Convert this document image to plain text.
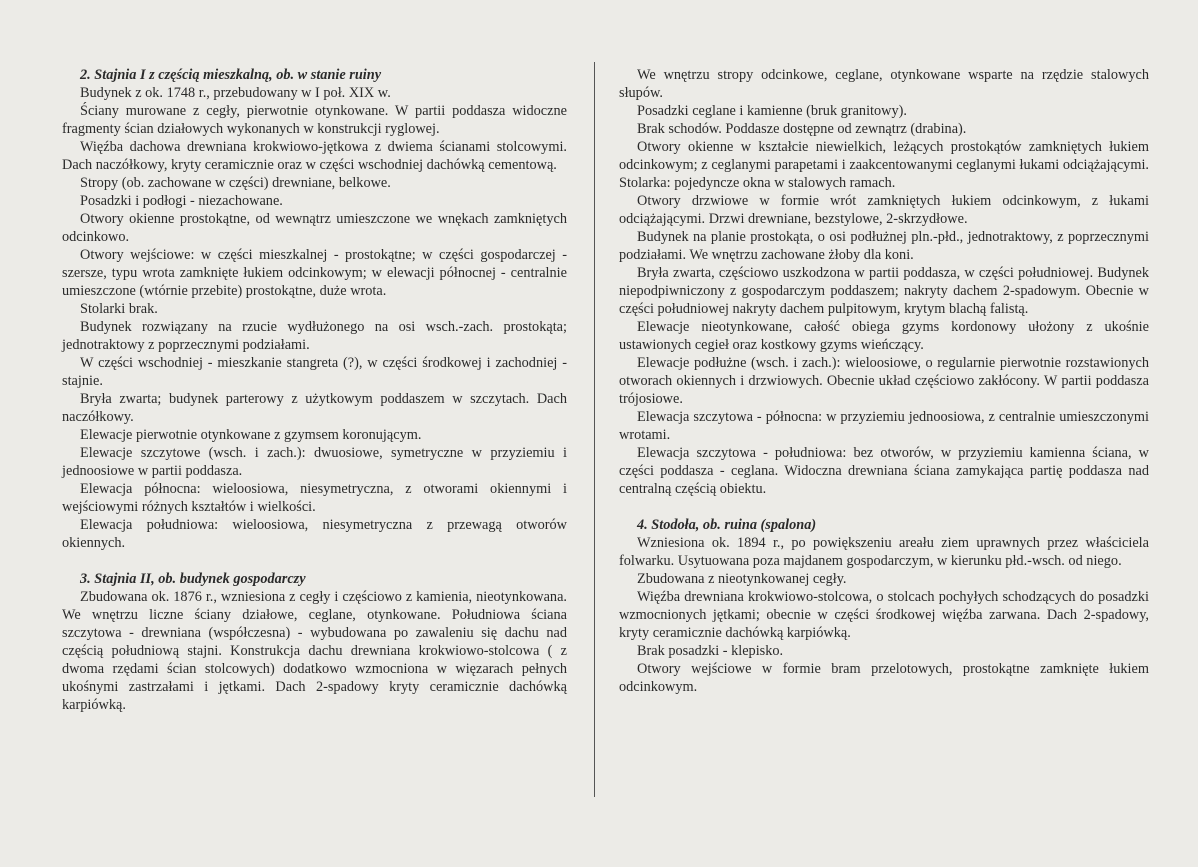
2. Stajnia I z częścią mieszkalną, ob. w stanie ruiny

Budynek z ok. 1748 r., przebudowany w I poł. XIX w.

Ściany murowane z cegły, pierwotnie otynkowane. W partii poddasza widoczne fragmenty ścian działowych wykonanych w konstrukcji ryglowej.

Więźba dachowa drewniana krokwiowo-jętkowa z dwiema ścianami stolcowymi. Dach naczółkowy, kryty ceramicznie oraz w części wschodniej dachówką cementową.

Stropy (ob. zachowane w części) drewniane, belkowe.

Posadzki i podłogi - niezachowane.

Otwory okienne prostokątne, od wewnątrz umieszczone we wnękach zamkniętych odcinkowo.

Otwory wejściowe: w części mieszkalnej - prostokątne; w części gospodarczej - szersze, typu wrota zamknięte łukiem odcinkowym; w elewacji północnej - centralnie umieszczone (wtórnie przebite) prostokątne, duże wrota.

Stolarki brak.

Budynek rozwiązany na rzucie wydłużonego na osi wsch.-zach. prostokąta; jednotraktowy z poprzecznymi podziałami.

W części wschodniej - mieszkanie stangreta (?), w części środkowej i zachodniej - stajnie.

Bryła zwarta; budynek parterowy z użytkowym poddaszem w szczytach. Dach naczółkowy.

Elewacje pierwotnie otynkowane z gzymsem koronującym.

Elewacje szczytowe (wsch. i zach.): dwuosiowe, symetryczne w przyziemiu i jednoosiowe w partii poddasza.

Elewacja północna: wieloosiowa, niesymetryczna, z otworami okiennymi i wejściowymi różnych kształtów i wielkości.

Elewacja południowa: wieloosiowa, niesymetryczna z przewagą otworów okiennych.

3. Stajnia II, ob. budynek gospodarczy

Zbudowana ok. 1876 r., wzniesiona z cegły i częściowo z kamienia, nieotynkowana. We wnętrzu liczne ściany działowe, ceglane, otynkowane. Południowa ściana szczytowa - drewniana (współczesna) - wybudowana po zawaleniu się dachu nad częścią południową stajni. Konstrukcja dachu drewniana krokwiowo-stolcowa ( z dwoma rzędami ścian stolcowych) dodatkowo wzmocniona w więzarach pełnych ukośnymi zastrzałami i jętkami. Dach 2-spadowy kryty ceramicznie dachówką karpiówką.

We wnętrzu stropy odcinkowe, ceglane, otynkowane wsparte na rzędzie stalowych słupów.

Posadzki ceglane i kamienne (bruk granitowy).

Brak schodów. Poddasze dostępne od zewnątrz (drabina).

Otwory okienne w kształcie niewielkich, leżących prostokątów zamkniętych łukiem odcinkowym; z ceglanymi parapetami i zaakcentowanymi ceglanymi łukami odciążającymi. Stolarka: pojedyncze okna w stalowych ramach.

Otwory drzwiowe w formie wrót zamkniętych łukiem odcinkowym, z łukami odciążającymi. Drzwi drewniane, bezstylowe, 2-skrzydłowe.

Budynek na planie prostokąta, o osi podłużnej pln.-płd., jednotraktowy, z poprzecznymi podziałami. We wnętrzu zachowane żłoby dla koni.

Bryła zwarta, częściowo uszkodzona w partii poddasza, w części południowej. Budynek niepodpiwniczony z gospodarczym poddaszem; nakryty dachem 2-spadowym. Obecnie w części południowej nakryty dachem pulpitowym, krytym blachą falistą.

Elewacje nieotynkowane, całość obiega gzyms kordonowy ułożony z ukośnie ustawionych cegieł oraz kostkowy gzyms wieńczący.

Elewacje podłużne (wsch. i zach.): wieloosiowe, o regularnie pierwotnie rozstawionych otworach okiennych i drzwiowych. Obecnie układ częściowo zakłócony. W partii poddasza trójosiowe.

Elewacja szczytowa - północna: w przyziemiu jednoosiowa, z centralnie umieszczonymi wrotami.

Elewacja szczytowa - południowa: bez otworów, w przyziemiu kamienna ściana, w części poddasza - ceglana. Widoczna drewniana ściana zamykająca partię poddasza nad centralną częścią obiektu.

4. Stodoła, ob. ruina (spalona)

Wzniesiona ok. 1894 r., po powiększeniu areału ziem uprawnych przez właściciela folwarku. Usytuowana poza majdanem gospodarczym, w kierunku płd.-wsch. od niego.

Zbudowana z nieotynkowanej cegły.

Więźba drewniana krokwiowo-stolcowa, o stolcach pochyłych schodzących do posadzki wzmocnionych jętkami; obecnie w części środkowej więźba zarwana. Dach 2-spadowy, kryty ceramicznie dachówką karpiówką.

Brak posadzki - klepisko.

Otwory wejściowe w formie bram przelotowych, prostokątne zamknięte łukiem odcinkowym.
